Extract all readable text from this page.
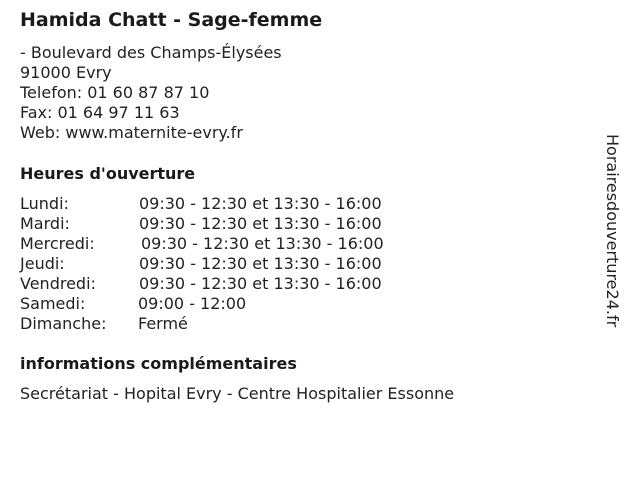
Hamida Chatt - Sage-femme
- Boulevard des Champs-Élysées
91000 Evry
Telefon: 01 60 87 87 10
Fax: 01 64 97 11 63
Web: www.maternite-evry.fr
Heures d'ouverture
Lundi:	09:30 - 12:30 et 13:30 - 16:00
Mardi:	09:30 - 12:30 et 13:30 - 16:00
Mercredi:	09:30 - 12:30 et 13:30 - 16:00
Jeudi:	09:30 - 12:30 et 13:30 - 16:00
Vendredi:	09:30 - 12:30 et 13:30 - 16:00
Samedi:	09:00 - 12:00
Dimanche: Fermé
informations complémentaires
Secrétariat - Hopital Evry - Centre Hospitalier Essonne
Horairesdouverture24.fr
